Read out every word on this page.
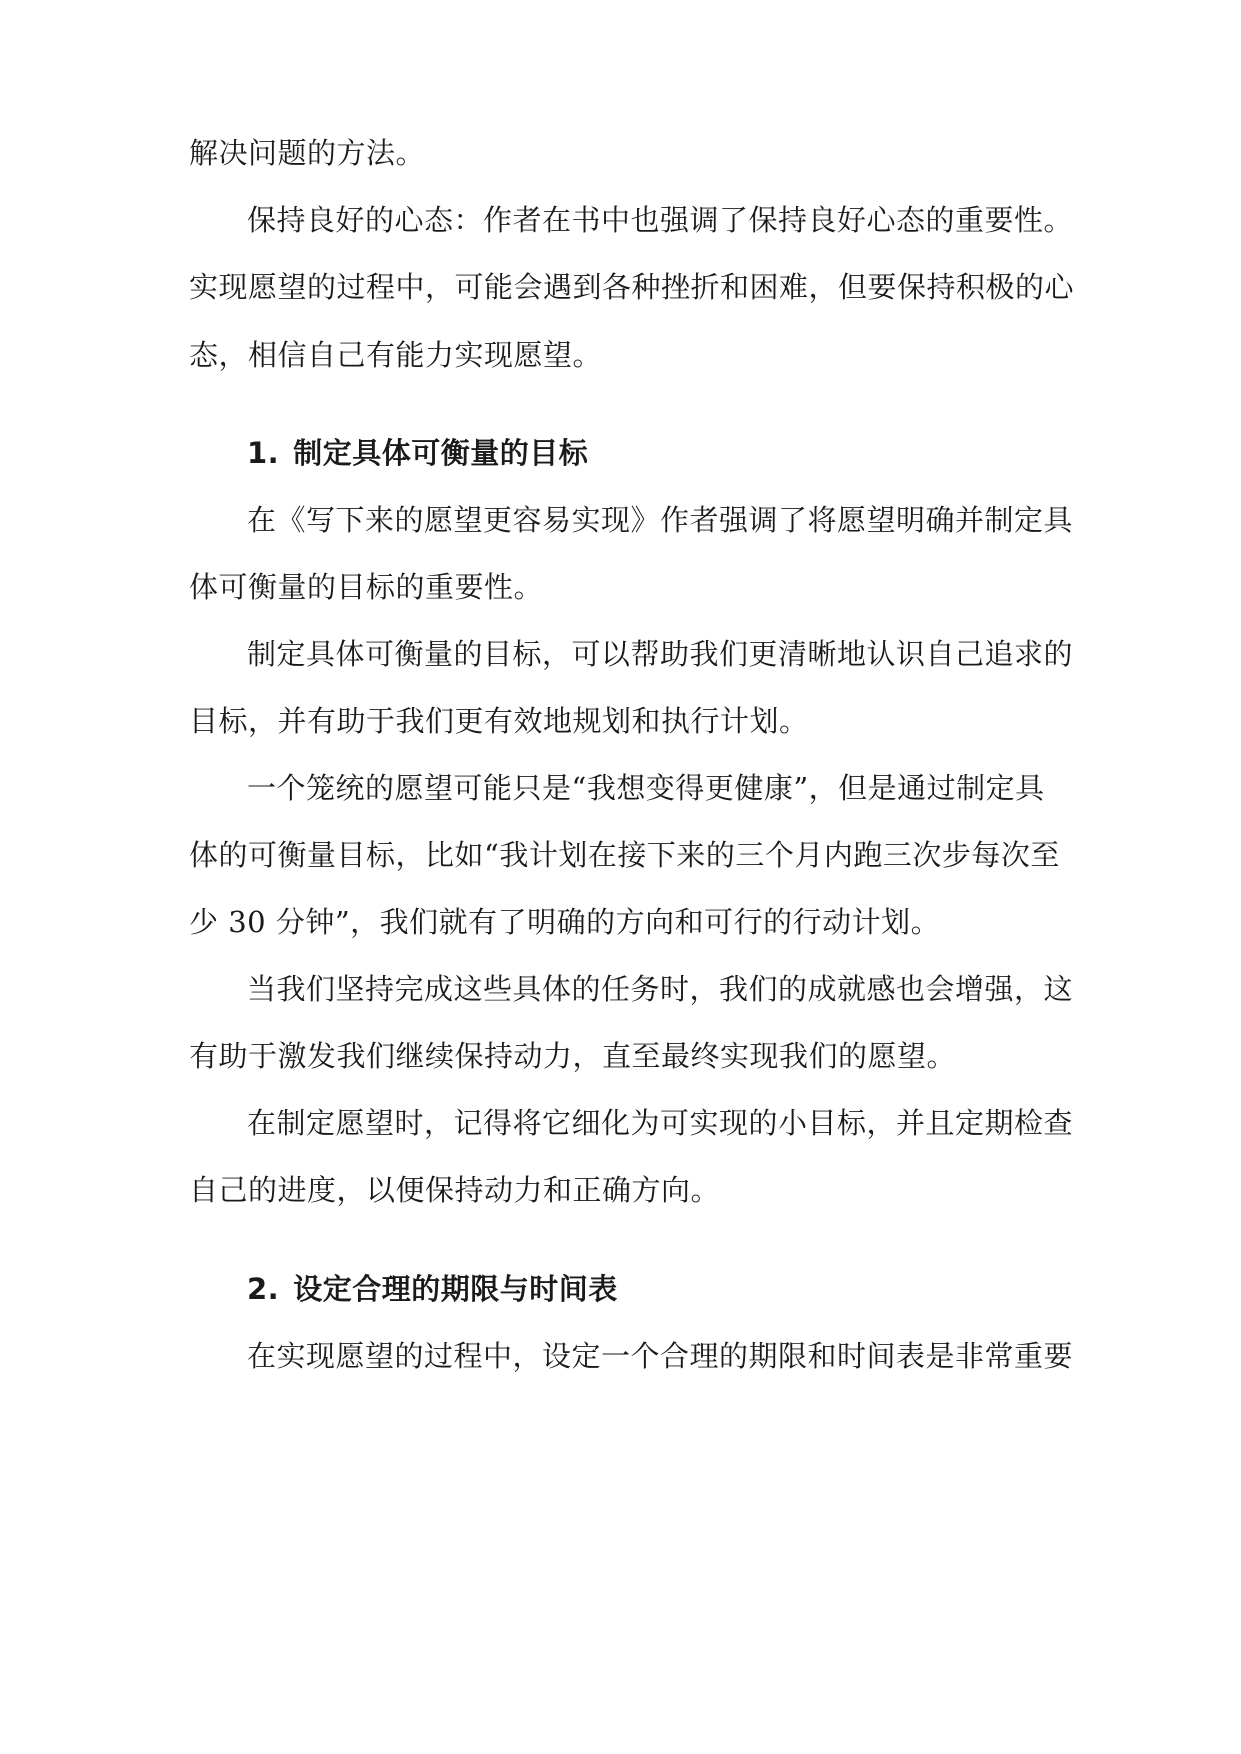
解决问题的方法。

保持良好的心态：作者在书中也强调了保持良好心态的重要性。

实现愿望的过程中，可能会遇到各种挫折和困难，但要保持积极的心

态，相信自己有能力实现愿望。

1. 制定具体可衡量的目标

在《写下来的愿望更容易实现》作者强调了将愿望明确并制定具

体可衡量的目标的重要性。

制定具体可衡量的目标，可以帮助我们更清晰地认识自己追求的

目标，并有助于我们更有效地规划和执行计划。

一个笼统的愿望可能只是“我想变得更健康”，但是通过制定具

体的可衡量目标，比如“我计划在接下来的三个月内跑三次步每次至

少 30 分钟”，我们就有了明确的方向和可行的行动计划。

当我们坚持完成这些具体的任务时，我们的成就感也会增强，这

有助于激发我们继续保持动力，直至最终实现我们的愿望。

在制定愿望时，记得将它细化为可实现的小目标，并且定期检查

自己的进度，以便保持动力和正确方向。

2. 设定合理的期限与时间表

在实现愿望的过程中，设定一个合理的期限和时间表是非常重要
